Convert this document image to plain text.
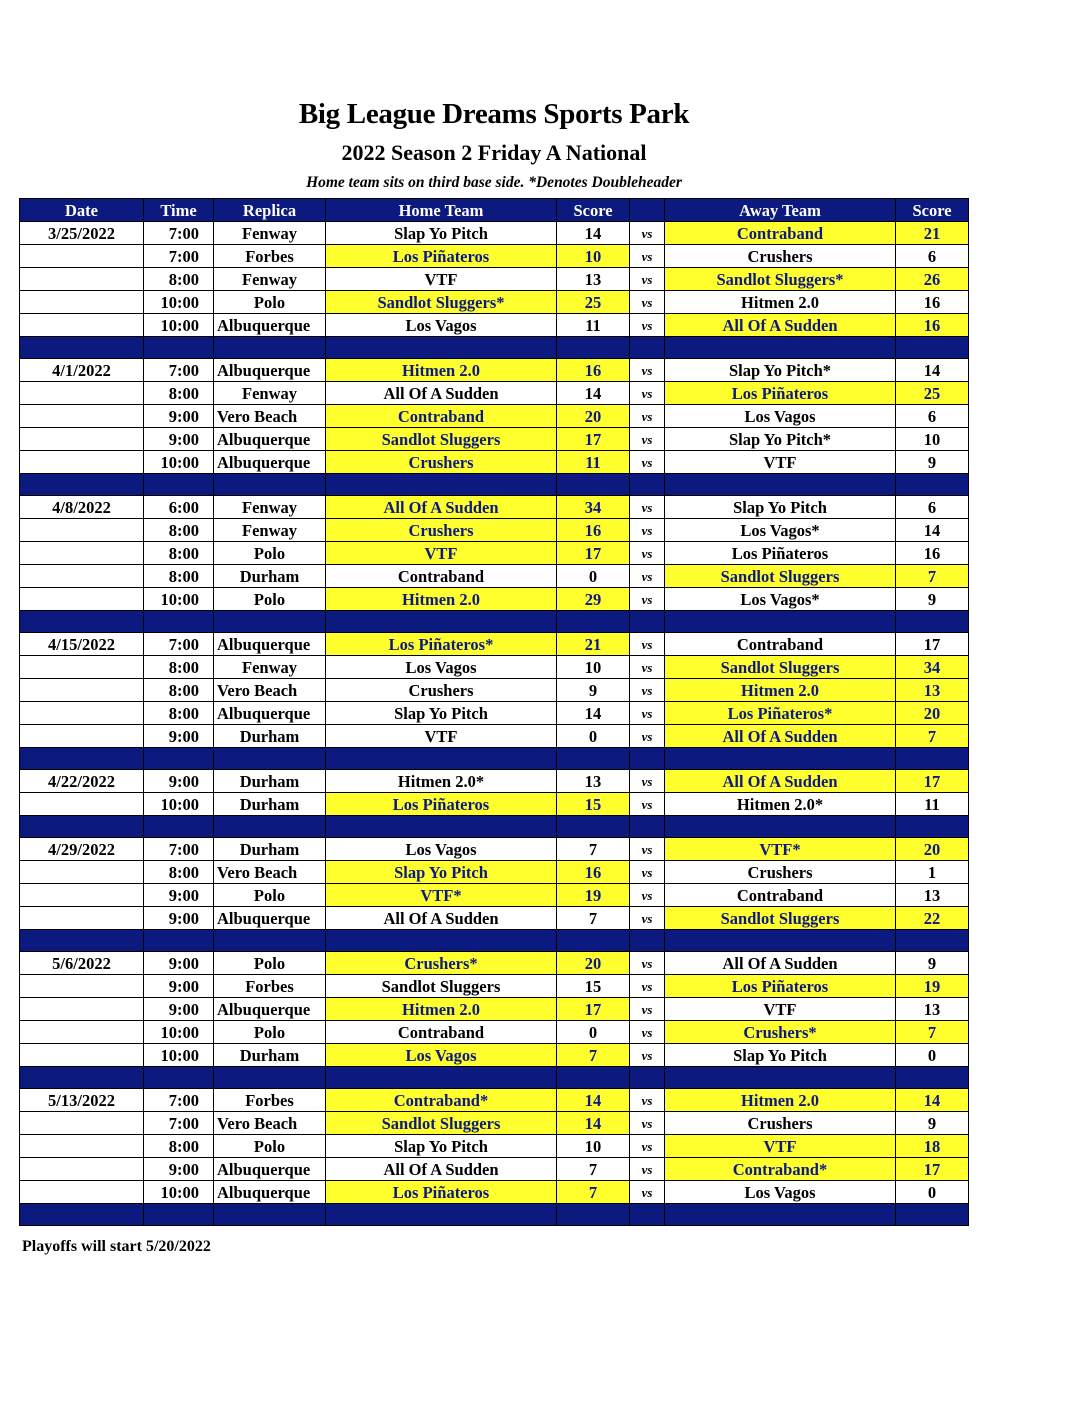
Big League Dreams Sports Park
2022 Season 2 Friday A National
Home team sits on third base side. *Denotes Doubleheader
Date	Time	Replica	Home Team	Score		Away Team	Score
3/25/2022	7:00	Fenway	Slap Yo Pitch	14	vs	Contraband	21
	7:00	Forbes	Los Piñateros	10	vs	Crushers	6
	8:00	Fenway	VTF	13	vs	Sandlot Sluggers*	26
	10:00	Polo	Sandlot Sluggers*	25	vs	Hitmen 2.0	16
	10:00	Albuquerque	Los Vagos	11	vs	All Of A Sudden	16

4/1/2022	7:00	Albuquerque	Hitmen 2.0	16	vs	Slap Yo Pitch*	14
	8:00	Fenway	All Of A Sudden	14	vs	Los Piñateros	25
	9:00	Vero Beach	Contraband	20	vs	Los Vagos	6
	9:00	Albuquerque	Sandlot Sluggers	17	vs	Slap Yo Pitch*	10
	10:00	Albuquerque	Crushers	11	vs	VTF	9

4/8/2022	6:00	Fenway	All Of A Sudden	34	vs	Slap Yo Pitch	6
	8:00	Fenway	Crushers	16	vs	Los Vagos*	14
	8:00	Polo	VTF	17	vs	Los Piñateros	16
	8:00	Durham	Contraband	0	vs	Sandlot Sluggers	7
	10:00	Polo	Hitmen 2.0	29	vs	Los Vagos*	9

4/15/2022	7:00	Albuquerque	Los Piñateros*	21	vs	Contraband	17
	8:00	Fenway	Los Vagos	10	vs	Sandlot Sluggers	34
	8:00	Vero Beach	Crushers	9	vs	Hitmen 2.0	13
	8:00	Albuquerque	Slap Yo Pitch	14	vs	Los Piñateros*	20
	9:00	Durham	VTF	0	vs	All Of A Sudden	7

4/22/2022	9:00	Durham	Hitmen 2.0*	13	vs	All Of A Sudden	17
	10:00	Durham	Los Piñateros	15	vs	Hitmen 2.0*	11

4/29/2022	7:00	Durham	Los Vagos	7	vs	VTF*	20
	8:00	Vero Beach	Slap Yo Pitch	16	vs	Crushers	1
	9:00	Polo	VTF*	19	vs	Contraband	13
	9:00	Albuquerque	All Of A Sudden	7	vs	Sandlot Sluggers	22

5/6/2022	9:00	Polo	Crushers*	20	vs	All Of A Sudden	9
	9:00	Forbes	Sandlot Sluggers	15	vs	Los Piñateros	19
	9:00	Albuquerque	Hitmen 2.0	17	vs	VTF	13
	10:00	Polo	Contraband	0	vs	Crushers*	7
	10:00	Durham	Los Vagos	7	vs	Slap Yo Pitch	0

5/13/2022	7:00	Forbes	Contraband*	14	vs	Hitmen 2.0	14
	7:00	Vero Beach	Sandlot Sluggers	14	vs	Crushers	9
	8:00	Polo	Slap Yo Pitch	10	vs	VTF	18
	9:00	Albuquerque	All Of A Sudden	7	vs	Contraband*	17
	10:00	Albuquerque	Los Piñateros	7	vs	Los Vagos	0

Playoffs will start 5/20/2022
